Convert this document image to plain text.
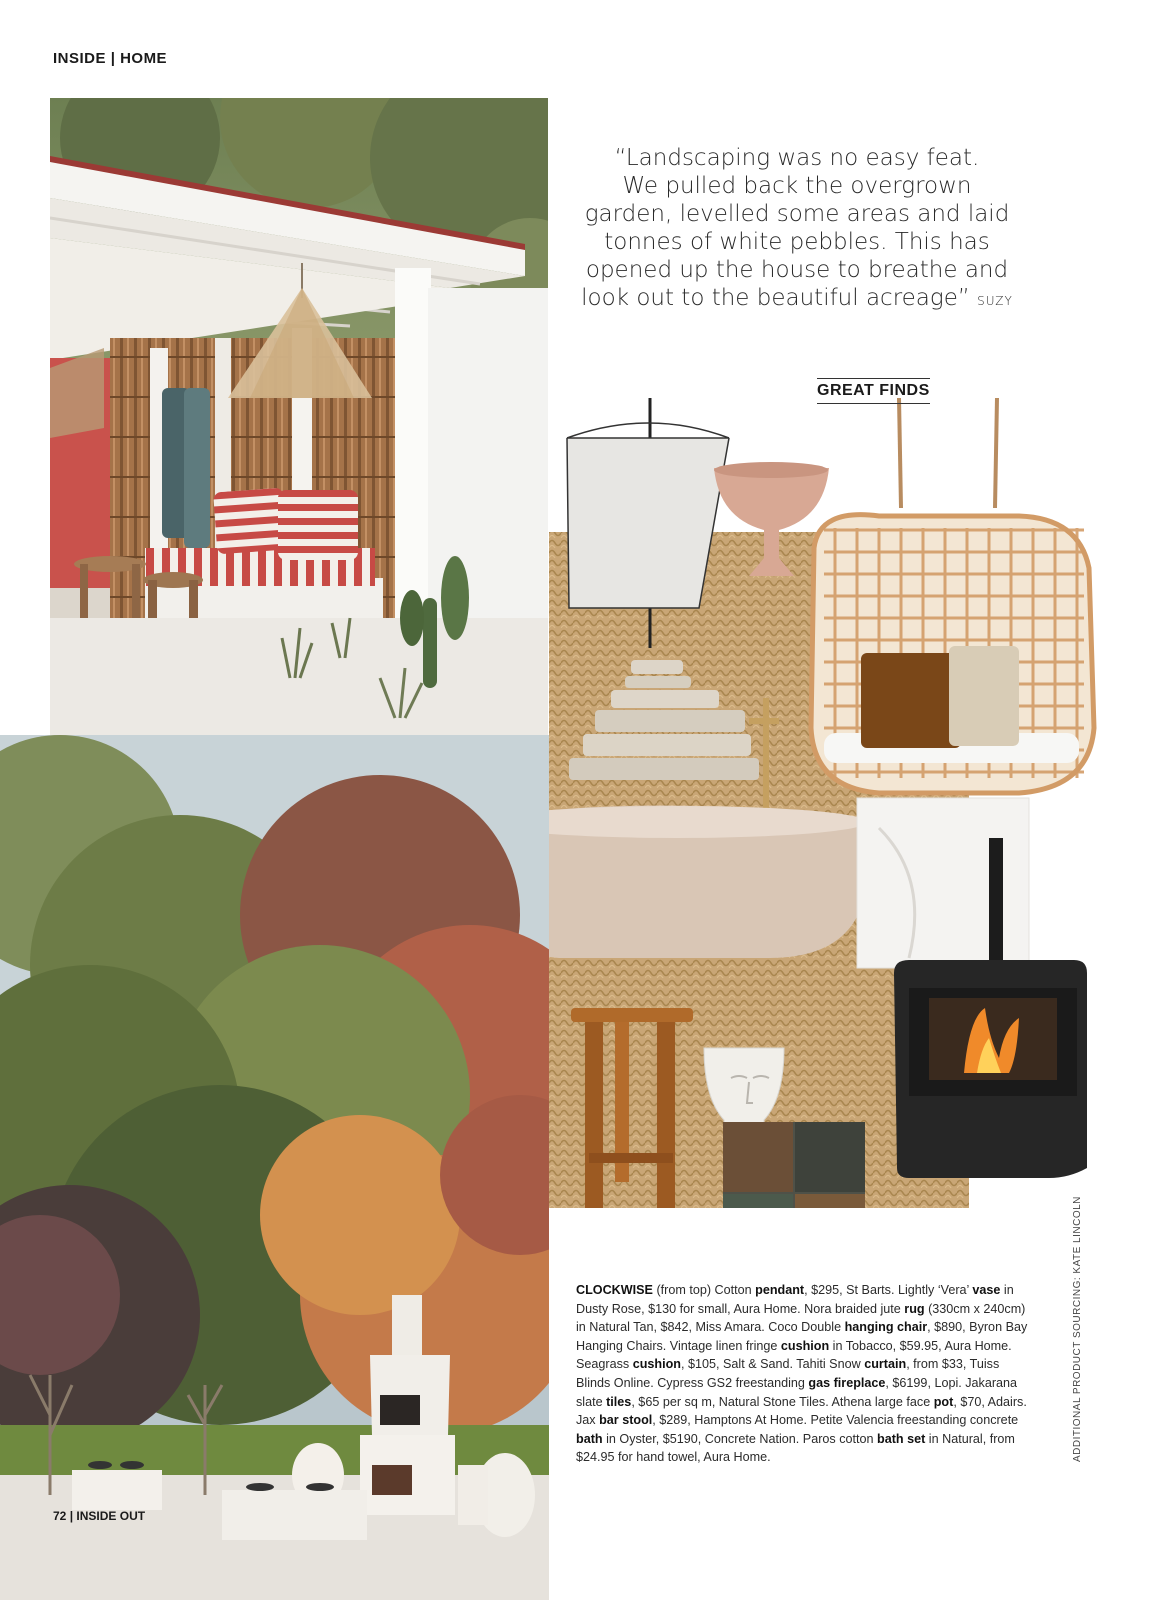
INSIDE | HOME
“Landscaping was no easy feat.
We pulled back the overgrown
garden, levelled some areas and laid
tonnes of white pebbles. This has
opened up the house to breathe and
look out to the beautiful acreage” SUZY
GREAT FINDS
CLOCKWISE (from top) Cotton pendant, $295, St Barts. Lightly ‘Vera’ vase in Dusty Rose, $130 for small, Aura Home. Nora braided jute rug (330cm x 240cm) in Natural Tan, $842, Miss Amara. Coco Double hanging chair, $890, Byron Bay Hanging Chairs. Vintage linen fringe cushion in Tobacco, $59.95, Aura Home. Seagrass cushion, $105, Salt & Sand. Tahiti Snow curtain, from $33, Tuiss Blinds Online. Cypress GS2 freestanding gas fireplace, $6199, Lopi. Jakarana slate tiles, $65 per sq m, Natural Stone Tiles. Athena large face pot, $70, Adairs. Jax bar stool, $289, Hamptons At Home. Petite Valencia freestanding concrete bath in Oyster, $5190, Concrete Nation. Paros cotton bath set in Natural, from $24.95 for hand towel, Aura Home.	ADDITIONAL PRODUCT SOURCING: KATE LINCOLN
72 | INSIDE OUT
